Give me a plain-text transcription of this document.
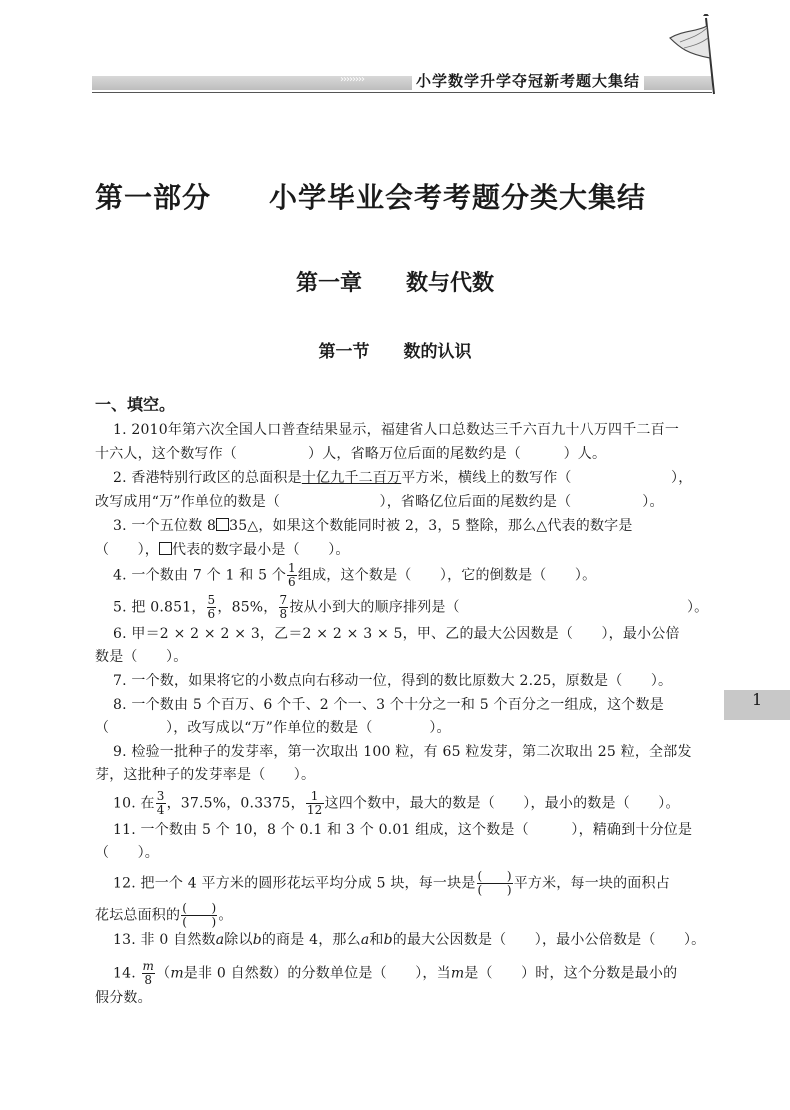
››››››››	小学数学升学夺冠新考题大集结
1
第一部分　　小学毕业会考考题分类大集结
第一章　　数与代数
第一节　　数的认识
一、填空。
1. 2010年第六次全国人口普查结果显示，福建省人口总数达三千六百九十八万四千二百一
十六人，这个数写作（　　　　　）人，省略万位后面的尾数约是（　　　）人。
2. 香港特别行政区的总面积是十亿九千二百万平方米，横线上的数写作（　　　　　　　），
改写成用“万”作单位的数是（　　　　　　　），省略亿位后面的尾数约是（　　　　　）。
3. 一个五位数 8 35△，如果这个数能同时被 2，3，5 整除，那么△代表的数字是
（　　）， 代表的数字最小是（　　）。
4. 一个数由 7 个 1 和 5 个 $\frac{1}{6}$ 组成，这个数是（　　），它的倒数是（　　）。
5. 把 0.851， $\frac{5}{6}$ ，85%， $\frac{7}{8}$ 按从小到大的顺序排列是（　　　　　　　　　　　　　　　　）。
6. 甲＝2 × 2 × 2 × 3，乙＝2 × 2 × 3 × 5，甲、乙的最大公因数是（　　），最小公倍
数是（　　）。
7. 一个数，如果将它的小数点向右移动一位，得到的数比原数大 2.25，原数是（　　）。
8. 一个数由 5 个百万、6 个千、2 个一、3 个十分之一和 5 个百分之一组成，这个数是
（　　　　），改写成以“万”作单位的数是（　　　　）。
9. 检验一批种子的发芽率，第一次取出 100 粒，有 65 粒发芽，第二次取出 25 粒，全部发
芽，这批种子的发芽率是（　　）。
10. 在 $\frac{3}{4}$ ，37.5%，0.3375， $\frac{1}{12}$ 这四个数中，最大的数是（　　），最小的数是（　　）。
11. 一个数由 5 个 10，8 个 0.1 和 3 个 0.01 组成，这个数是（　　　），精确到十分位是
（　　）。
12. 把一个 4 平方米的圆形花坛平均分成 5 块，每一块是 $\frac{( )}{( )}$ 平方米，每一块的面积占
花坛总面积的 $\frac{( )}{( )}$ 。
13. 非 0 自然数a除以b的商是 4，那么a和b的最大公因数是（　　），最小公倍数是（　　）。
14. $\frac{m}{8} (m$是非 0 自然数）的分数单位是（　　），当m是（　　）时，这个分数是最小的
假分数。
